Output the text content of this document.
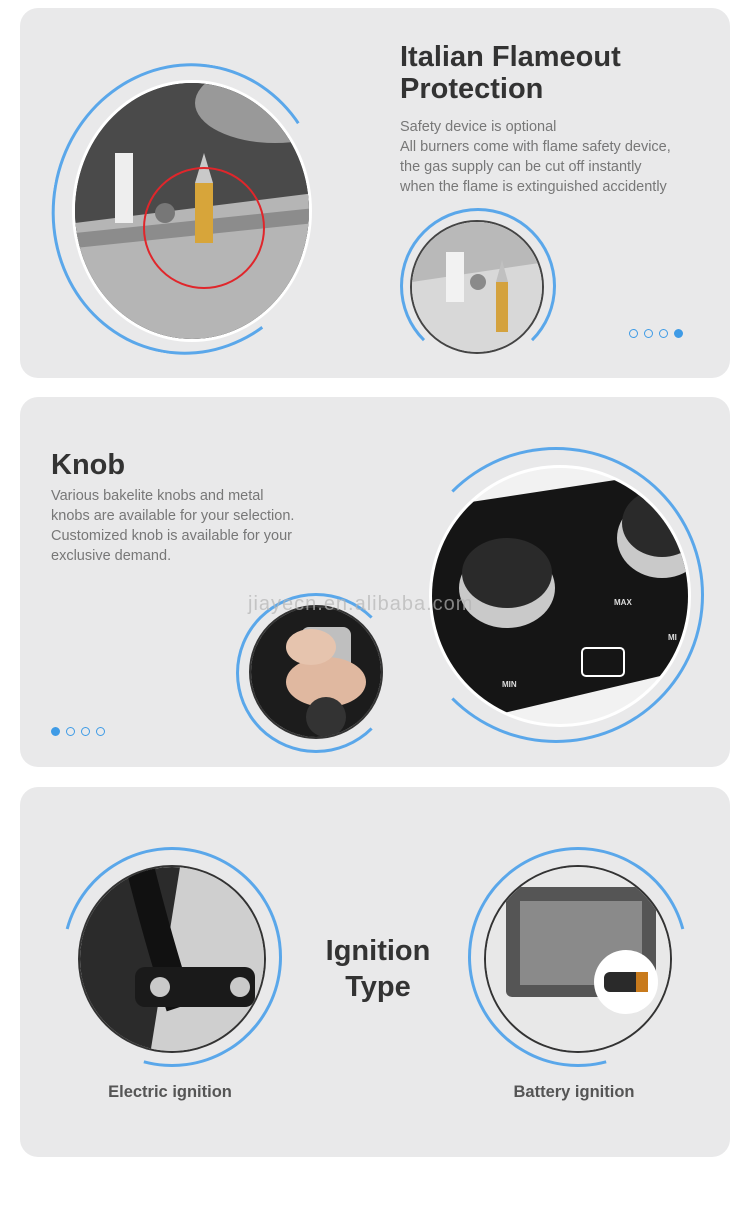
Italian Flameout
Protection
Safety device is optional
All burners come with flame safety device,
the gas supply can be cut off instantly
when the flame is extinguished accidently
Knob
Various bakelite knobs and metal
knobs are available for your selection.
Customized knob is available for your
exclusive demand.
MIN
MAX
MI
jiayecn.en.alibaba.com
Ignition
Type
Electric ignition	Battery ignition
